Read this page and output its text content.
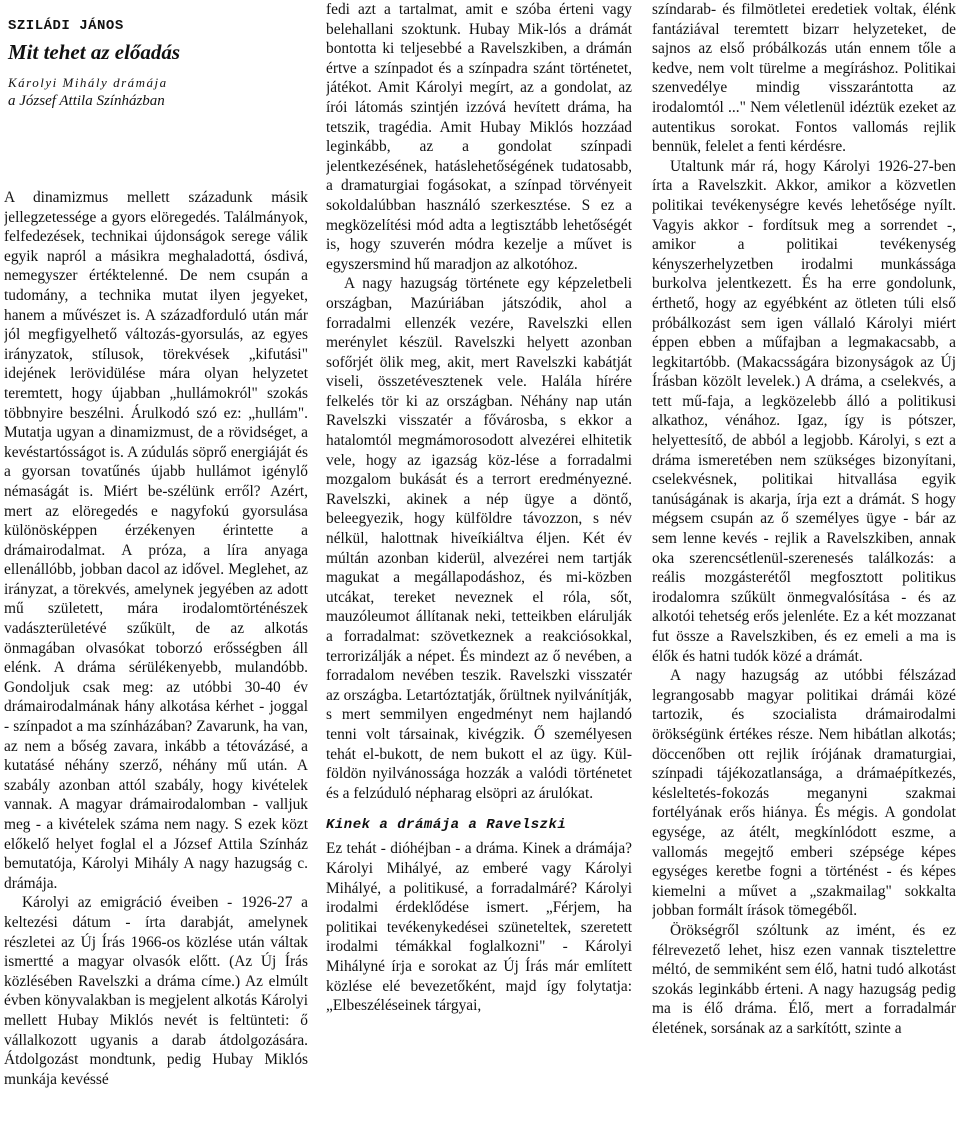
SZILÁDI JÁNOS
Mit tehet az előadás
Károlyi Mihály drámája
a József Attila Színházban

A dinamizmus mellett századunk másik jellegzetessége a gyors elöregedés. Találmányok, felfedezések, technikai újdonságok serege válik egyik napról a másikra meghaladottá, ósdivá, nemegyszer értéktelenné. De nem csupán a tudomány, a technika mutat ilyen jegyeket, hanem a művészet is. A századforduló után már jól megfigyelhető változás-gyorsulás, az egyes irányzatok, stílusok, törekvések „kifutási" idejének lerövidülése mára olyan helyzetet teremtett, hogy újabban „hullámokról" szokás többnyire beszélni. Árulkodó szó ez: „hullám". Mutatja ugyan a dinamizmust, de a rövidséget, a kevéstartósságot is. A zúdulás söprő energiáját és a gyorsan tovatűnés újabb hullámot igénylő némaságát is. Miért be-szélünk erről? Azért, mert az elöregedés e nagyfokú gyorsulása különösképpen érzékenyen érintette a drámairodalmat. A próza, a líra anyaga ellenállóbb, jobban dacol az idővel. Meglehet, az irányzat, a törekvés, amelynek jegyében az adott mű született, mára irodalomtörténészek vadászterületévé szűkült, de az alkotás önmagában olvasókat toborzó erősségben áll elénk. A dráma sérülékenyebb, mulandóbb. Gondoljuk csak meg: az utóbbi 30-40 év drámairodalmának hány alkotása kérhet - joggal - színpadot a ma színházában? Zavarunk, ha van, az nem a bőség zavara, inkább a tétovázásé, a kutatásé néhány szerző, néhány mű után. A szabály azonban attól szabály, hogy kivételek vannak. A magyar drámairodalomban - valljuk meg - a kivételek száma nem nagy. S ezek közt előkelő helyet foglal el a József Attila Színház bemutatója, Károlyi Mihály A nagy hazugság c. drámája.

Károlyi az emigráció éveiben - 1926-27 a keltezési dátum - írta darabját, amelynek részletei az Új Írás 1966-os közlése után váltak ismertté a magyar olvasók előtt. (Az Új Írás közlésében Ravelszki a dráma címe.) Az elmúlt évben könyvalakban is megjelent alkotás Károlyi mellett Hubay Miklós nevét is feltünteti: ő vállalkozott ugyanis a darab átdolgozására. Átdolgozást mondtunk, pedig Hubay Miklós munkája kevéssé

fedi azt a tartalmat, amit e szóba érteni vagy belehallani szoktunk. Hubay Mik-lós a drámát bontotta ki teljesebbé a Ravelszkiben, a drámán értve a színpadot és a színpadra szánt történetet, játékot. Amit Károlyi megírt, az a gondolat, az írói látomás szintjén izzóvá hevített dráma, ha tetszik, tragédia. Amit Hubay Miklós hozzáad leginkább, az a gondolat színpadi jelentkezésének, hatáslehetőségének tudatosabb, a dramaturgiai fogásokat, a színpad törvényeit sokoldalúbban használó szerkesztése. S ez a megközelítési mód adta a legtisztább lehetőségét is, hogy szuverén módra kezelje a művet is egyszersmind hű maradjon az alkotóhoz.

A nagy hazugság története egy képzeletbeli országban, Mazúriában játszódik, ahol a forradalmi ellenzék vezére, Ravelszki ellen merénylet készül. Ravelszki helyett azonban sofőrjét ölik meg, akit, mert Ravelszki kabátját viseli, összetévesztenek vele. Halála hírére felkelés tör ki az országban. Néhány nap után Ravelszki visszatér a fővárosba, s ekkor a hatalomtól megmámorosodott alvezérei elhitetik vele, hogy az igazság köz-lése a forradalmi mozgalom bukását és a terrort eredményezné. Ravelszki, akinek a nép ügye a döntő, beleegyezik, hogy külföldre távozzon, s név nélkül, halottnak hiveíkiáltva éljen. Két év múltán azonban kiderül, alvezérei nem tartják magukat a megállapodáshoz, és mi-közben utcákat, tereket neveznek el róla, sőt, mauzóleumot állítanak neki, tetteikben elárulják a forradalmat: szövetkeznek a reakciósokkal, terrorizálják a népet. És mindezt az ő nevében, a forradalom nevében teszik. Ravelszki visszatér az országba. Letartóztatják, őrültnek nyilvánítják, s mert semmilyen engedményt nem hajlandó tenni volt társainak, kivégzik. Ő személyesen tehát el-bukott, de nem bukott el az ügy. Kül-földön nyilvánossága hozzák a valódi történetet és a felzúduló népharag elsöpri az árulókat.

Kinek a drámája a Ravelszki

Ez tehát - dióhéjban - a dráma. Kinek a drámája? Károlyi Mihályé, az emberé vagy Károlyi Mihályé, a politikusé, a forradalmáré? Károlyi irodalmi érdeklődése ismert. „Férjem, ha politikai tevékenykedései szüneteltek, szeretett irodalmi témákkal foglalkozni" - Károlyi Mihályné írja e sorokat az Új Írás már említett közlése elé bevezetőként, majd így folytatja: „Elbeszéléseinek tárgyai,

színdarab- és filmötletei eredetiek voltak, élénk fantáziával teremtett bizarr helyzeteket, de sajnos az első próbálkozás után ennem tőle a kedve, nem volt türelme a megíráshoz. Politikai szenvedélye mindig visszarántotta az irodalomtól ..." Nem véletlenül idéztük ezeket az autentikus sorokat. Fontos vallomás rejlik bennük, felelet a fenti kérdésre.

Utaltunk már rá, hogy Károlyi 1926-27-ben írta a Ravelszkit. Akkor, amikor a közvetlen politikai tevékenységre kevés lehetősége nyílt. Vagyis akkor - fordítsuk meg a sorrendet -, amikor a politikai tevékenység kényszerhelyzetben irodalmi munkássága burkolva jelentkezett. És ha erre gondolunk, érthető, hogy az egyébként az ötleten túli első próbálkozást sem igen vállaló Károlyi miért éppen ebben a műfajban a legmakacsabb, a legkitartóbb. (Makacsságára bizonyságok az Új Írásban közölt levelek.) A dráma, a cselekvés, a tett mű-faja, a legközelebb álló a politikusi alkathoz, vénához. Igaz, így is pótszer, helyettesítő, de abból a legjobb. Károlyi, s ezt a dráma ismeretében nem szükséges bizonyítani, cselekvésnek, politikai hitvallása egyik tanúságának is akarja, írja ezt a drámát. S hogy mégsem csupán az ő személyes ügye - bár az sem lenne kevés - rejlik a Ravelszkiben, annak oka szerencsétlenül-szerenesés találkozás: a reális mozgásterétől megfosztott politikus irodalomra szűkült önmegvalósítása - és az alkotói tehetség erős jelenléte. Ez a két mozzanat fut össze a Ravelszkiben, és ez emeli a ma is élők és hatni tudók közé a drámát.

A nagy hazugság az utóbbi félszázad legrangosabb magyar politikai drámái közé tartozik, és szocialista drámairodalmi örökségünk értékes része. Nem hibátlan alkotás; döccenőben ott rejlik írójának dramaturgiai, színpadi tájékozatlansága, a drámaépítkezés, késleltetés-fokozás meganyni szakmai fortélyának erős hiánya. És mégis. A gondolat egysége, az átélt, megkínlódott eszme, a vallomás megejtő emberi szépsége képes egységes keretbe fogni a történést - és képes kiemelni a művet a „szakmailag" sokkalta jobban formált írások tömegéből.

Örökségről szóltunk az imént, és ez félrevezető lehet, hisz ezen vannak tisztelettre méltó, de semmiként sem élő, hatni tudó alkotást szokás leginkább érteni. A nagy hazugság pedig ma is élő dráma. Élő, mert a forradalmár életének, sorsának az a sarkítótt, szinte a
